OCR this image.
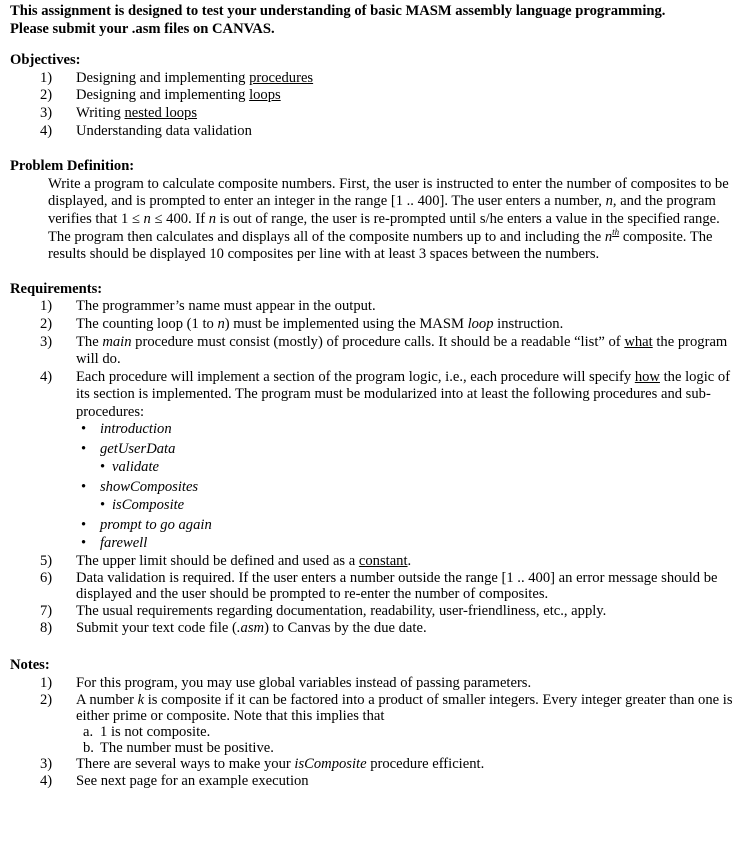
This assignment is designed to test your understanding of basic MASM assembly language programming.

Please submit your .asm files on CANVAS.

Objectives:
1) Designing and implementing procedures
2) Designing and implementing loops
3) Writing nested loops
4) Understanding data validation
Problem Definition:

Write a program to calculate composite numbers. First, the user is instructed to enter the number of composites to be displayed, and is prompted to enter an integer in the range [1 .. 400]. The user enters a number, n, and the program verifies that 1 ≤ n ≤ 400. If n is out of range, the user is re-prompted until s/he enters a value in the specified range. The program then calculates and displays all of the composite numbers up to and including the $n^{th}$ composite. The results should be displayed 10 composites per line with at least 3 spaces between the numbers.

Requirements:
1) The programmer’s name must appear in the output.
2) The counting loop (1 to n) must be implemented using the MASM loop instruction.
3) The main procedure must consist (mostly) of procedure calls. It should be a readable “list” of what the program will do.
4) Each procedure will implement a section of the program logic, i.e., each procedure will specify how the logic of its section is implemented. The program must be modularized into at least the following procedures and sub-procedures:
• introduction
• getUserData
• validate
• showComposites
• isComposite
• prompt to go again
• farewell
5) The upper limit should be defined and used as a constant.
6) Data validation is required. If the user enters a number outside the range [1 .. 400] an error message should be displayed and the user should be prompted to re-enter the number of composites.
7) The usual requirements regarding documentation, readability, user-friendliness, etc., apply.
8) Submit your text code file (.asm) to Canvas by the due date.
Notes:
1) For this program, you may use global variables instead of passing parameters.
2) A number k is composite if it can be factored into a product of smaller integers. Every integer greater than one is either prime or composite. Note that this implies that
a. 1 is not composite.
b. The number must be positive.
3) There are several ways to make your isComposite procedure efficient.
4) See next page for an example execution
